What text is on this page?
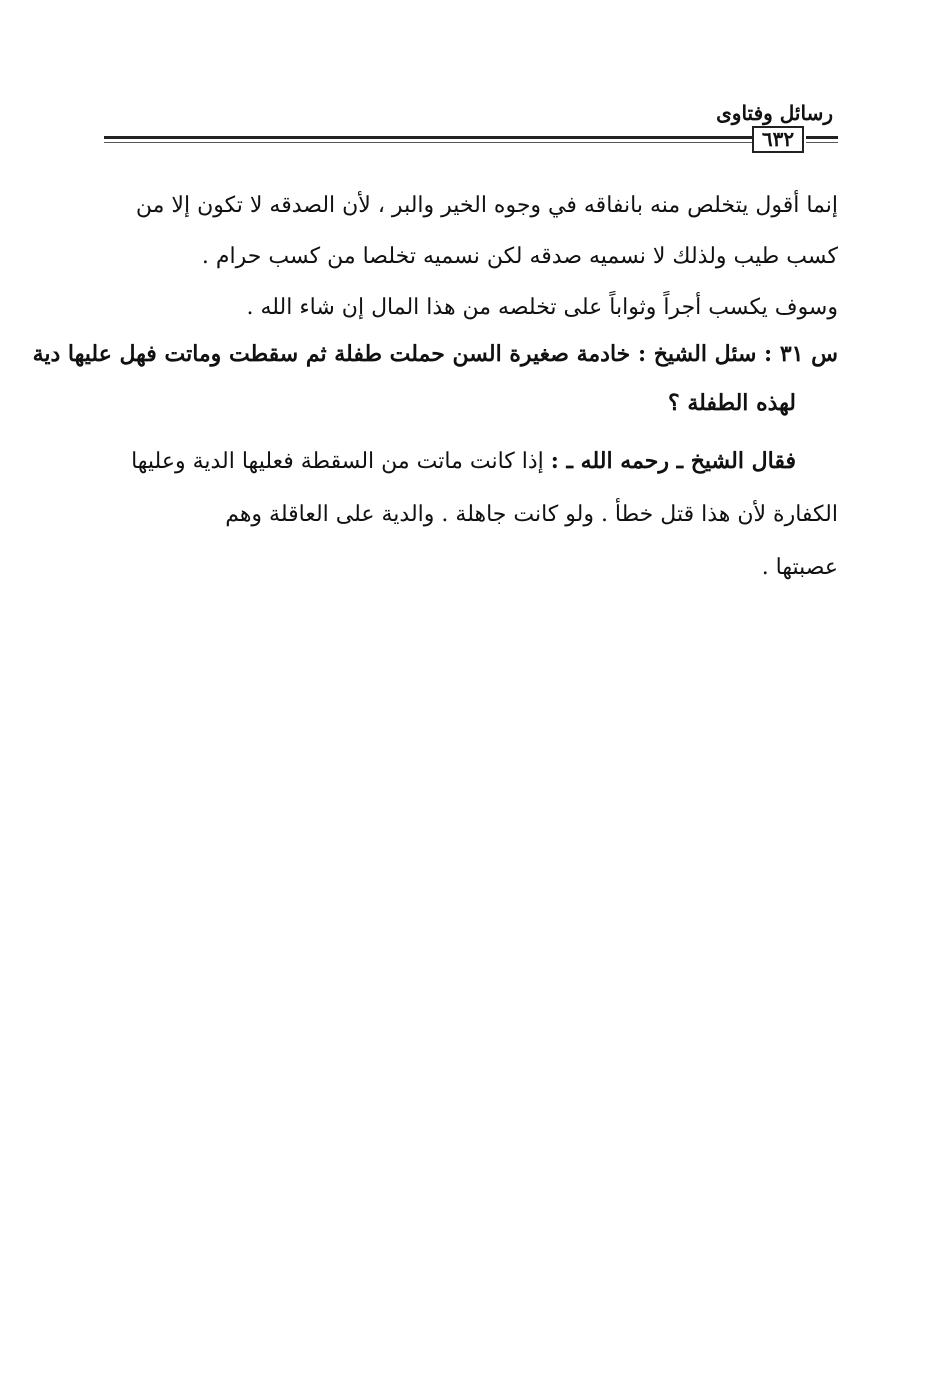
رسائل وفتاوى
٦٣٢
إنما أقول يتخلص منه بانفاقه في وجوه الخير والبر ، لأن الصدقه لا تكون إلا من
كسب طيب ولذلك لا نسميه صدقه لكن نسميه تخلصا من كسب حرام .
وسوف يكسب أجراً وثواباً على تخلصه من هذا المال إن شاء الله .
س ٣١ : سئل الشيخ : خادمة صغيرة السن حملت طفلة ثم سقطت وماتت فهل عليها دية
لهذه الطفلة ؟
فقال الشيخ ـ رحمه الله ـ : إذا كانت ماتت من السقطة فعليها الدية وعليها
الكفارة لأن هذا قتل خطأ . ولو كانت جاهلة . والدية على العاقلة وهم
عصبتها .
